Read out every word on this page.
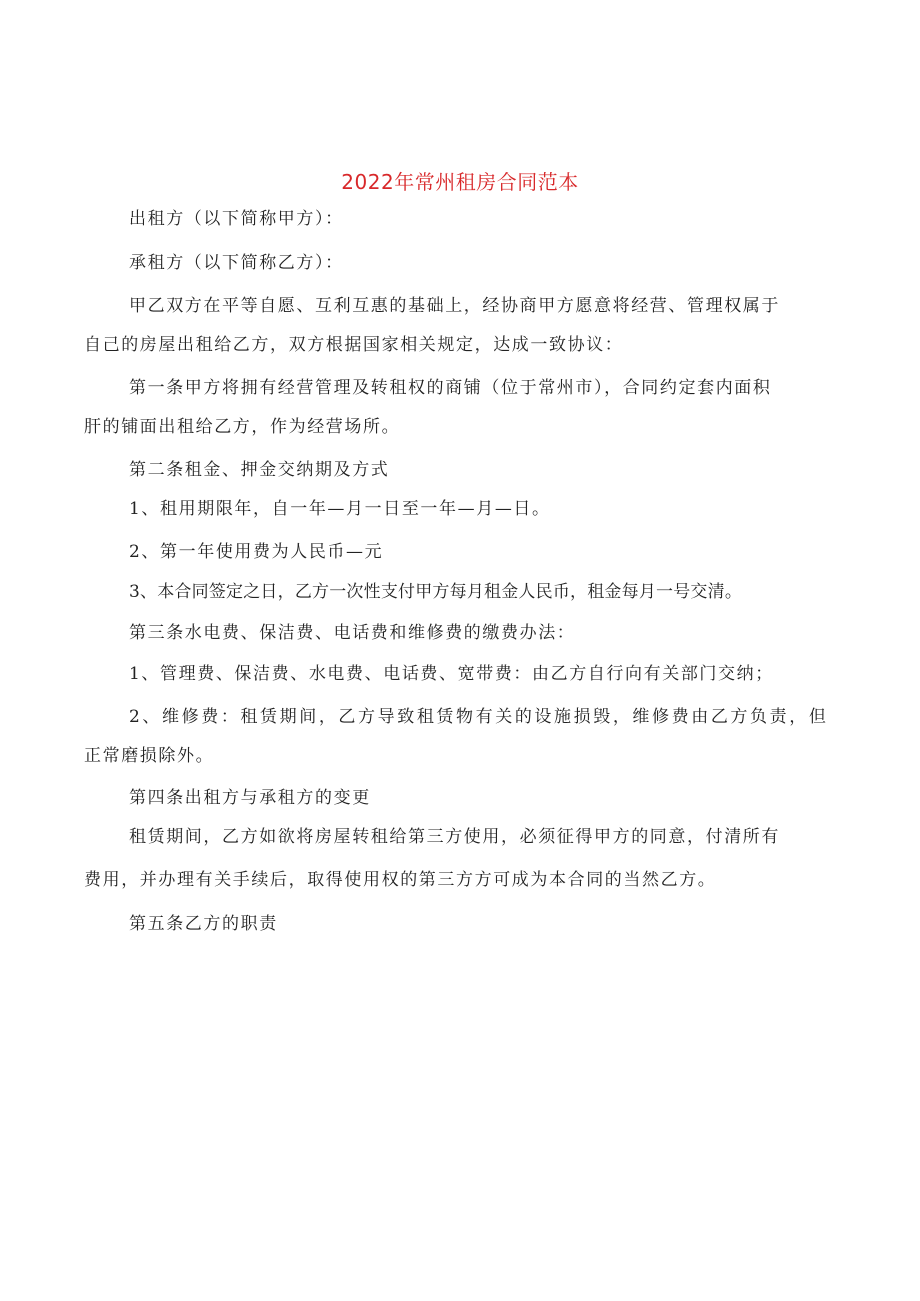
2022年常州租房合同范本
出租方（以下简称甲方）：
承租方（以下简称乙方）：
甲乙双方在平等自愿、互利互惠的基础上，经协商甲方愿意将经营、管理权属于
自己的房屋出租给乙方，双方根据国家相关规定，达成一致协议：
第一条甲方将拥有经营管理及转租权的商铺（位于常州市），合同约定套内面积
肝的铺面出租给乙方，作为经营场所。
第二条租金、押金交纳期及方式
1、租用期限年，自一年—月一日至一年—月—日。
2、第一年使用费为人民币—元
3、本合同签定之日，乙方一次性支付甲方每月租金人民币，租金每月一号交清。
第三条水电费、保洁费、电话费和维修费的缴费办法：
1、管理费、保洁费、水电费、电话费、宽带费：由乙方自行向有关部门交纳；
2、维修费：租赁期间，乙方导致租赁物有关的设施损毁，维修费由乙方负责，但
正常磨损除外。
第四条出租方与承租方的变更
租赁期间，乙方如欲将房屋转租给第三方使用，必须征得甲方的同意，付清所有
费用，并办理有关手续后，取得使用权的第三方方可成为本合同的当然乙方。
第五条乙方的职责
